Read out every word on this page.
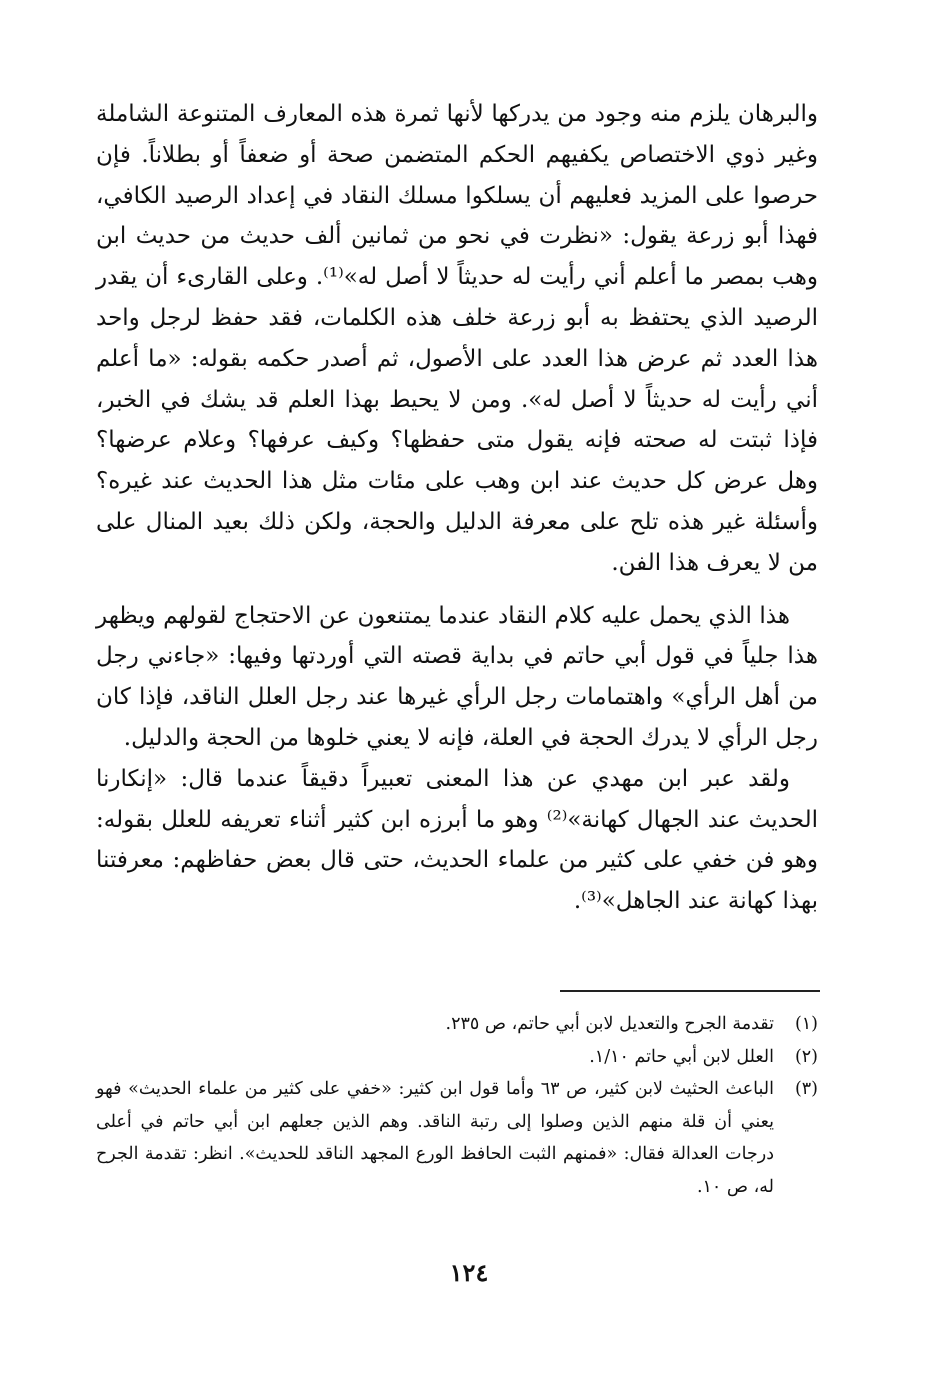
والبرهان يلزم منه وجود من يدركها لأنها ثمرة هذه المعارف المتنوعة الشاملة وغير ذوي الاختصاص يكفيهم الحكم المتضمن صحة أو ضعفاً أو بطلاناً. فإن حرصوا على المزيد فعليهم أن يسلكوا مسلك النقاد في إعداد الرصيد الكافي، فهذا أبو زرعة يقول: «نظرت في نحو من ثمانين ألف حديث من حديث ابن وهب بمصر ما أعلم أني رأيت له حديثاً لا أصل له»⁽¹⁾. وعلى القارىء أن يقدر الرصيد الذي يحتفظ به أبو زرعة خلف هذه الكلمات، فقد حفظ لرجل واحد هذا العدد ثم عرض هذا العدد على الأصول، ثم أصدر حكمه بقوله: «ما أعلم أني رأيت له حديثاً لا أصل له». ومن لا يحيط بهذا العلم قد يشك في الخبر، فإذا ثبتت له صحته فإنه يقول متى حفظها؟ وكيف عرفها؟ وعلام عرضها؟ وهل عرض كل حديث عند ابن وهب على مئات مثل هذا الحديث عند غيره؟ وأسئلة غير هذه تلح على معرفة الدليل والحجة، ولكن ذلك بعيد المنال على من لا يعرف هذا الفن.

هذا الذي يحمل عليه كلام النقاد عندما يمتنعون عن الاحتجاج لقولهم ويظهر هذا جلياً في قول أبي حاتم في بداية قصته التي أوردتها وفيها: «جاءني رجل من أهل الرأي» واهتمامات رجل الرأي غيرها عند رجل العلل الناقد، فإذا كان رجل الرأي لا يدرك الحجة في العلة، فإنه لا يعني خلوها من الحجة والدليل.

ولقد عبر ابن مهدي عن هذا المعنى تعبيراً دقيقاً عندما قال: «إنكارنا الحديث عند الجهال كهانة»⁽²⁾ وهو ما أبرزه ابن كثير أثناء تعريفه للعلل بقوله: وهو فن خفي على كثير من علماء الحديث، حتى قال بعض حفاظهم: معرفتنا بهذا كهانة عند الجاهل»⁽³⁾.

(١)
تقدمة الجرح والتعديل لابن أبي حاتم، ص ٢٣٥.
(٢)
العلل لابن أبي حاتم ١/١٠.
(٣)
الباعث الحثيث لابن كثير، ص ٦٣ وأما قول ابن كثير: «خفي على كثير من علماء الحديث» فهو يعني أن قلة منهم الذين وصلوا إلى رتبة الناقد. وهم الذين جعلهم ابن أبي حاتم في أعلى درجات العدالة فقال: «فمنهم الثبت الحافظ الورع المجهد الناقد للحديث». انظر: تقدمة الجرح له، ص ١٠.
١٢٤
